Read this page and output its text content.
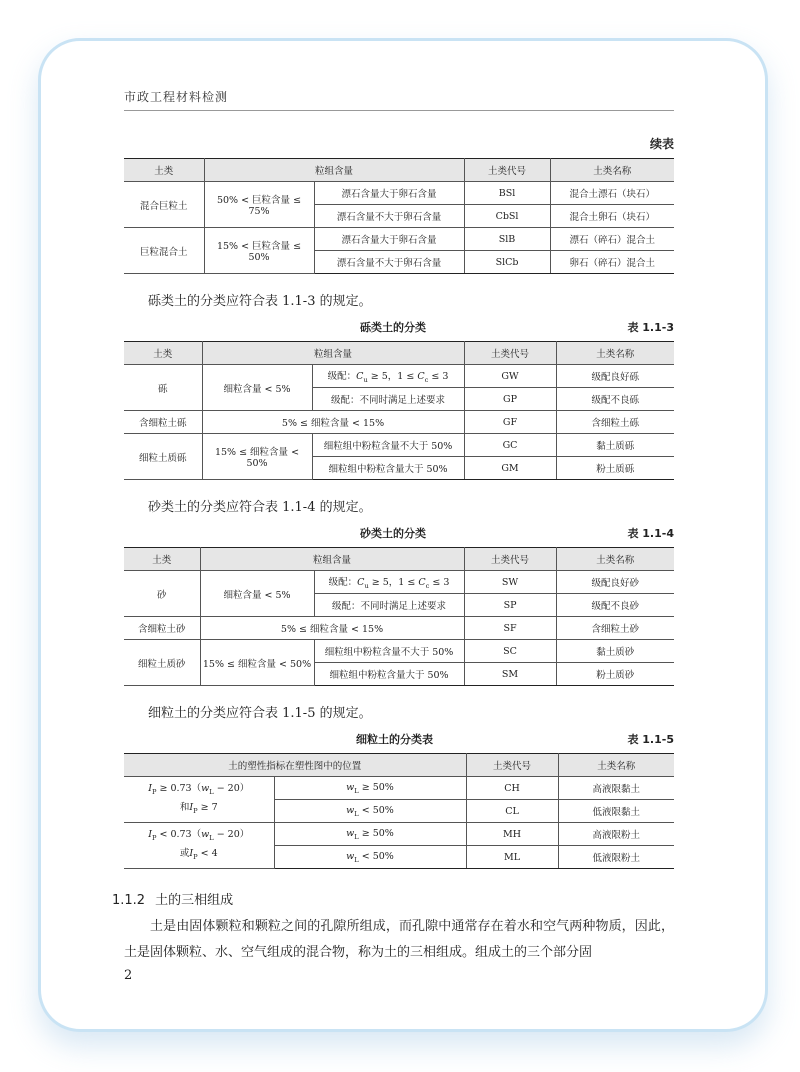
市政工程材料检测
续表
土类	粒组含量		土类代号	土类名称
混合巨粒土	50% < 巨粒含量 ≤ 75%	漂石含量大于卵石含量	BSl	混合土漂石（块石）
		漂石含量不大于卵石含量	CbSl	混合土卵石（块石）
巨粒混合土	15% < 巨粒含量 ≤ 50%	漂石含量大于卵石含量	SlB	漂石（碎石）混合土
		漂石含量不大于卵石含量	SlCb	卵石（碎石）混合土
砾类土的分类应符合表 1.1-3 的规定。
砾类土的分类	表 1.1-3
土类	粒组含量		土类代号	土类名称
砾	细粒含量 < 5%	级配：$C_u \ge 5$，$1 \le C_c \le 3$	GW	级配良好砾
		级配：不同时满足上述要求	GP	级配不良砾
含细粒土砾	5% ≤ 细粒含量 < 15%		GF	含细粒土砾
细粒土质砾	15% ≤ 细粒含量 < 50%	细粒组中粉粒含量不大于 50%	GC	黏土质砾
		细粒组中粉粒含量大于 50%	GM	粉土质砾
砂类土的分类应符合表 1.1-4 的规定。
砂类土的分类	表 1.1-4
土类	粒组含量		土类代号	土类名称
砂	细粒含量 < 5%	级配：$C_u \ge 5$，$1 \le C_c \le 3$	SW	级配良好砂
		级配：不同时满足上述要求	SP	级配不良砂
含细粒土砂	5% ≤ 细粒含量 < 15%		SF	含细粒土砂
细粒土质砂	15% ≤ 细粒含量 < 50%	细粒组中粉粒含量不大于 50%	SC	黏土质砂
		细粒组中粉粒含量大于 50%	SM	粉土质砂
细粒土的分类应符合表 1.1-5 的规定。
细粒土的分类表	表 1.1-5
土的塑性指标在塑性图中的位置		土类代号	土类名称

$I_P \ge 0.73(w_L - 20)$
和$I_P \ge 7$	$w_L \ge 50\%$	CH	高液限黏土
	$w_L < 50\%$	CL	低液限黏土

$I_P < 0.73(w_L - 20)$
或$I_P < 4$	$w_L \ge 50\%$	MH	高液限粉土
	$w_L < 50\%$	ML	低液限粉土
1.1.2 土的三相组成
土是由固体颗粒和颗粒之间的孔隙所组成，而孔隙中通常存在着水和空气两种物质，因此，土是固体颗粒、水、空气组成的混合物，称为土的三相组成。组成土的三个部分固
2
